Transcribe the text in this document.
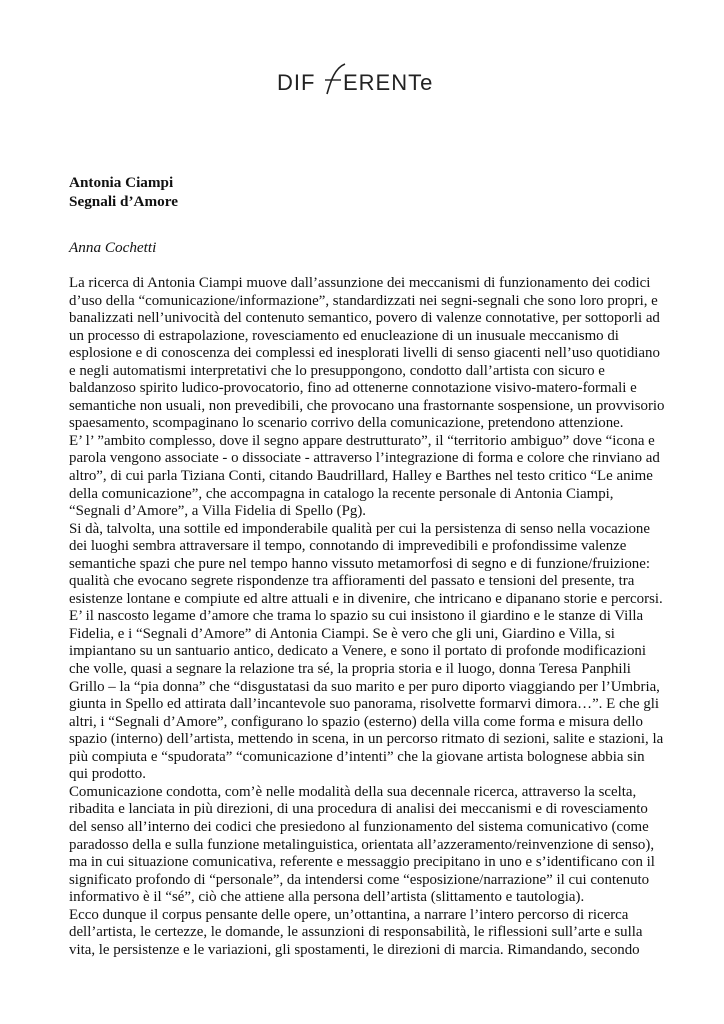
DIF ERENTe
Antonia Ciampi
Segnali d’Amore
Anna Cochetti
La ricerca di Antonia Ciampi muove dall’assunzione dei meccanismi di funzionamento dei codici
d’uso della “comunicazione/informazione”, standardizzati nei segni-segnali che sono loro propri, e
banalizzati nell’univocità del contenuto semantico, povero di valenze connotative, per sottoporli ad
un processo di estrapolazione, rovesciamento ed enucleazione di un inusuale meccanismo di
esplosione e di conoscenza dei complessi ed inesplorati livelli di senso giacenti nell’uso quotidiano
e negli automatismi interpretativi che lo presuppongono, condotto dall’artista con sicuro e
baldanzoso spirito ludico-provocatorio, fino ad ottenerne connotazione visivo-matero-formali e
semantiche non usuali, non prevedibili, che provocano una frastornante sospensione, un provvisorio
spaesamento, scompaginano lo scenario corrivo della comunicazione, pretendono attenzione.
E’ l’ ”ambito complesso, dove il segno appare destrutturato”, il “territorio ambiguo” dove “icona e
parola vengono associate - o dissociate - attraverso l’integrazione di forma e colore che rinviano ad
altro”, di cui parla Tiziana Conti, citando Baudrillard, Halley e Barthes nel testo critico “Le anime
della comunicazione”, che accompagna in catalogo la recente personale di Antonia Ciampi,
“Segnali d’Amore”, a Villa Fidelia di Spello (Pg).
Si dà, talvolta, una sottile ed imponderabile qualità per cui la persistenza di senso nella vocazione
dei luoghi sembra attraversare il tempo, connotando di imprevedibili e profondissime valenze
semantiche spazi che pure nel tempo hanno vissuto metamorfosi di segno e di funzione/fruizione:
qualità che evocano segrete rispondenze tra affioramenti del passato e tensioni del presente, tra
esistenze lontane e compiute ed altre attuali e in divenire, che intricano e dipanano storie e percorsi.
E’ il nascosto legame d’amore che trama lo spazio su cui insistono il giardino e le stanze di Villa
Fidelia, e i “Segnali d’Amore” di Antonia Ciampi. Se è vero che gli uni, Giardino e Villa, si
impiantano su un santuario antico, dedicato a Venere, e sono il portato di profonde modificazioni
che volle, quasi a segnare la relazione tra sé, la propria storia e il luogo, donna Teresa Panphili
Grillo – la “pia donna” che “disgustatasi da suo marito e per puro diporto viaggiando per l’Umbria,
giunta in Spello ed attirata dall’incantevole suo panorama, risolvette formarvi dimora…”. E che gli
altri, i “Segnali d’Amore”, configurano lo spazio (esterno) della villa come forma e misura dello
spazio (interno) dell’artista, mettendo in scena, in un percorso ritmato di sezioni, salite e stazioni, la
più compiuta e “spudorata” “comunicazione d’intenti” che la giovane artista bolognese abbia sin
qui prodotto.
Comunicazione condotta, com’è nelle modalità della sua decennale ricerca, attraverso la scelta,
ribadita e lanciata in più direzioni, di una procedura di analisi dei meccanismi e di rovesciamento
del senso all’interno dei codici che presiedono al funzionamento del sistema comunicativo (come
paradosso della e sulla funzione metalinguistica, orientata all’azzeramento/reinvenzione di senso),
ma in cui situazione comunicativa, referente e messaggio precipitano in uno e s’identificano con il
significato profondo di “personale”, da intendersi come “esposizione/narrazione” il cui contenuto
informativo è il “sé”, ciò che attiene alla persona dell’artista (slittamento e tautologia).
Ecco dunque il corpus pensante delle opere, un’ottantina, a narrare l’intero percorso di ricerca
dell’artista, le certezze, le domande, le assunzioni di responsabilità, le riflessioni sull’arte e sulla
vita, le persistenze e le variazioni, gli spostamenti, le direzioni di marcia. Rimandando, secondo
